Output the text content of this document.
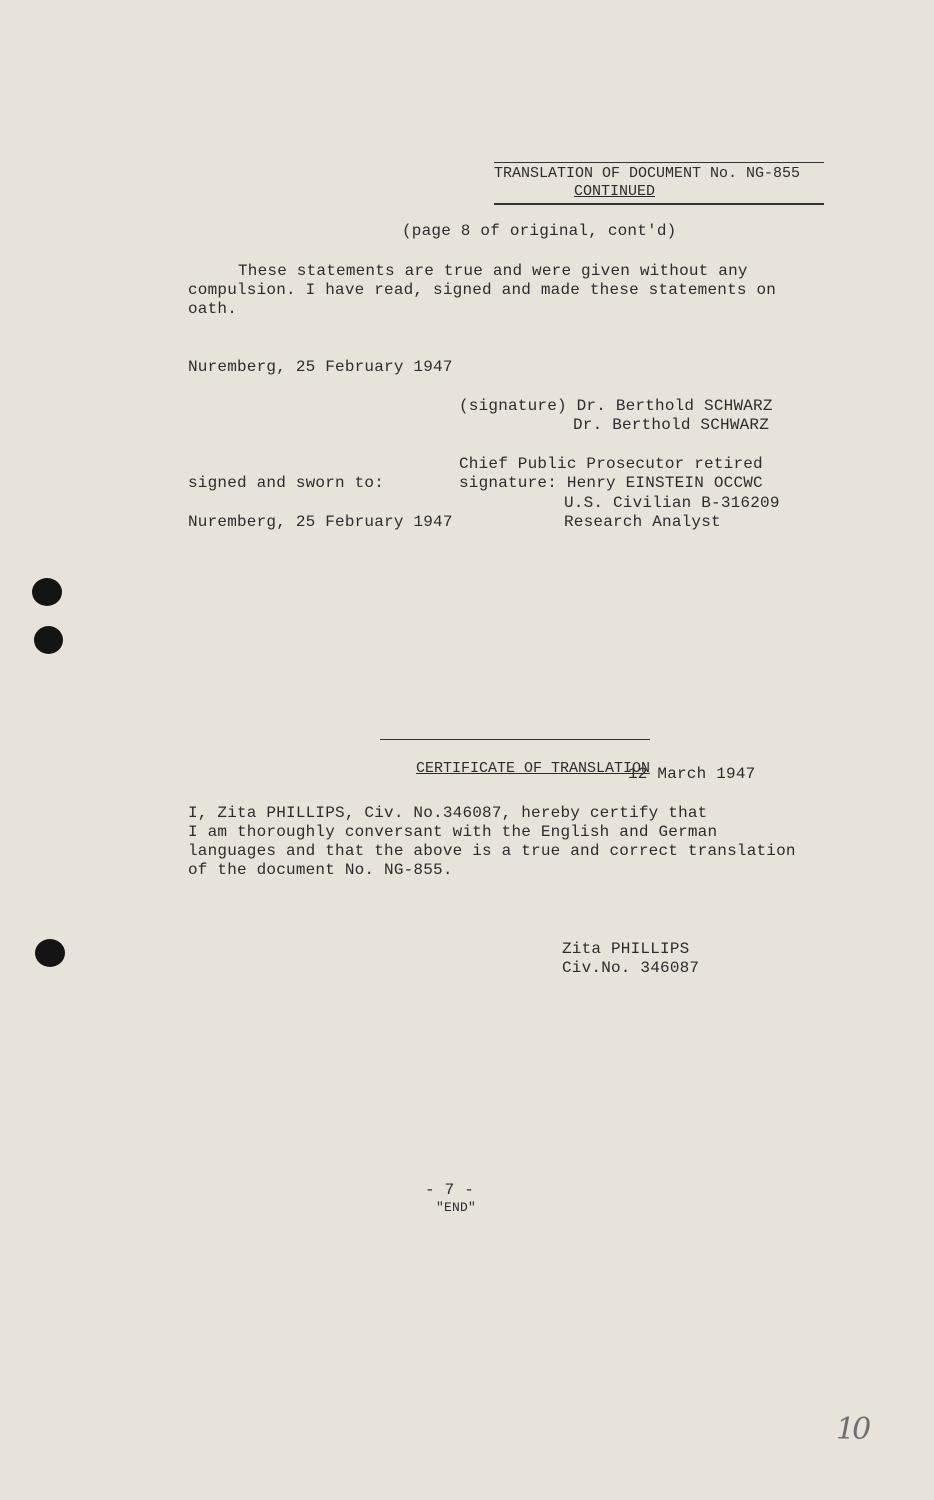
TRANSLATION OF DOCUMENT No. NG-855
CONTINUED
(page 8 of original, cont'd)
These statements are true and were given without any
compulsion. I have read, signed and made these statements on
oath.
Nuremberg, 25 February 1947
(signature) Dr. Berthold SCHWARZ
Dr. Berthold SCHWARZ
Chief Public Prosecutor retired
signed and sworn to:	signature: Henry EINSTEIN OCCWC
U.S. Civilian B-316209
Nuremberg, 25 February 1947	Research Analyst

CERTIFICATE OF TRANSLATION

12 March 1947
I, Zita PHILLIPS, Civ. No.346087, hereby certify that
I am thoroughly conversant with the English and German
languages and that the above is a true and correct translation
of the document No. NG-855.
Zita PHILLIPS
Civ.No. 346087
- 7 -
"END"
10
